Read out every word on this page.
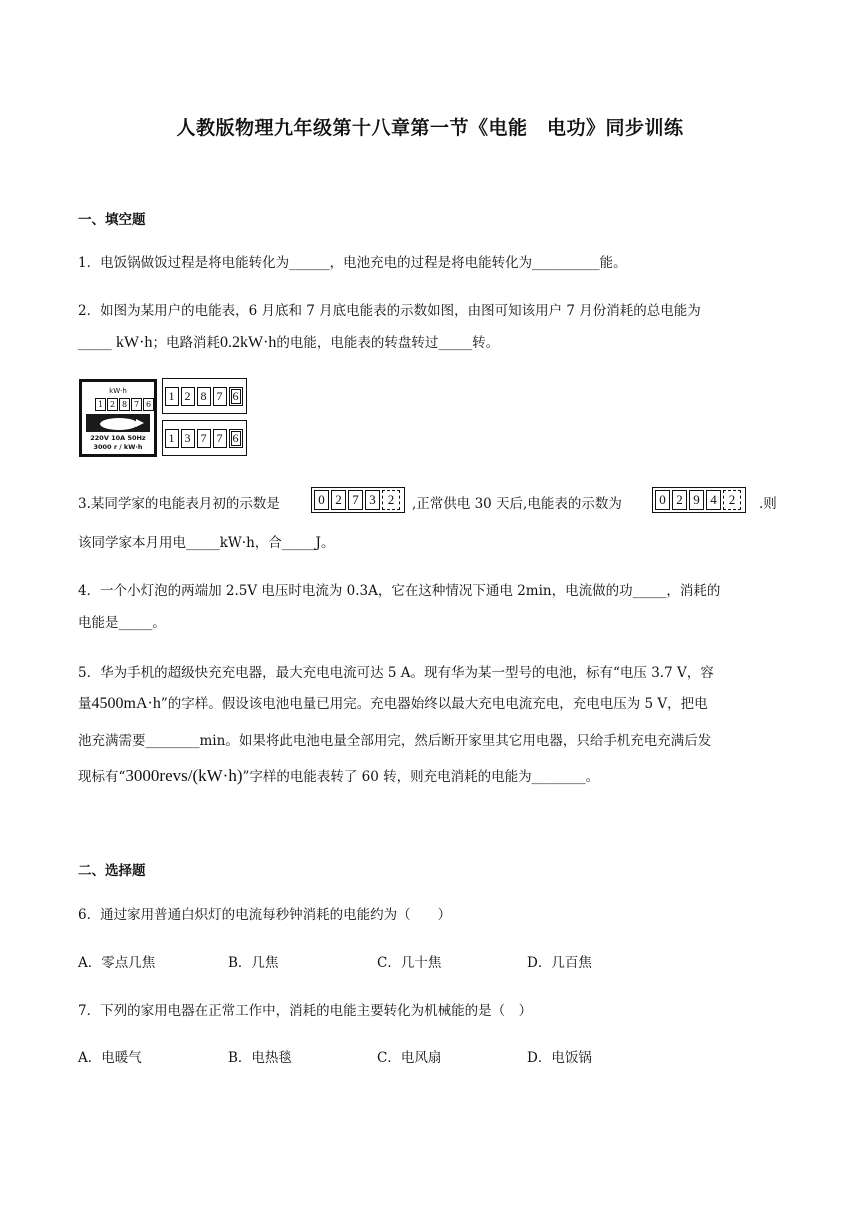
人教版物理九年级第十八章第一节《电能　电功》同步训练
一、填空题
1．电饭锅做饭过程是将电能转化为______，电池充电的过程是将电能转化为__________能。
2．如图为某用户的电能表，6 月底和 7 月底电能表的示数如图，由图可知该用户 7 月份消耗的总电能为
_____ kW·h；电路消耗0.2kW·h的电能，电能表的转盘转过_____转。
kW·h
1 2 8 7 6
220V 10A 50Hz
3000 r / kW·h
1 2 8 7 6
1 3 7 7 6
3.某同学家的电能表月初的示数是	0 2 7 3 2	,正常供电 30 天后,电能表的示数为	0 2 9 4 2	.则
该同学家本月用电_____kW·h，合_____J。
4．一个小灯泡的两端加 2.5V 电压时电流为 0.3A，它在这种情况下通电 2min，电流做的功_____，消耗的
电能是_____。
5．华为手机的超级快充充电器，最大充电电流可达 5 A。现有华为某一型号的电池，标有“电压 3.7 V，容
量4500mA·h”的字样。假设该电池电量已用完。充电器始终以最大充电电流充电，充电电压为 5 V，把电
池充满需要________min。如果将此电池电量全部用完，然后断开家里其它用电器，只给手机充电充满后发
现标有“3000revs/(kW·h)”字样的电能表转了 60 转，则充电消耗的电能为________。
二、选择题
6．通过家用普通白炽灯的电流每秒钟消耗的电能约为（　　）
A．零点几焦	B．几焦	C．几十焦	D．几百焦
7．下列的家用电器在正常工作中，消耗的电能主要转化为机械能的是（　）
A．电暖气	B．电热毯	C．电风扇	D．电饭锅
